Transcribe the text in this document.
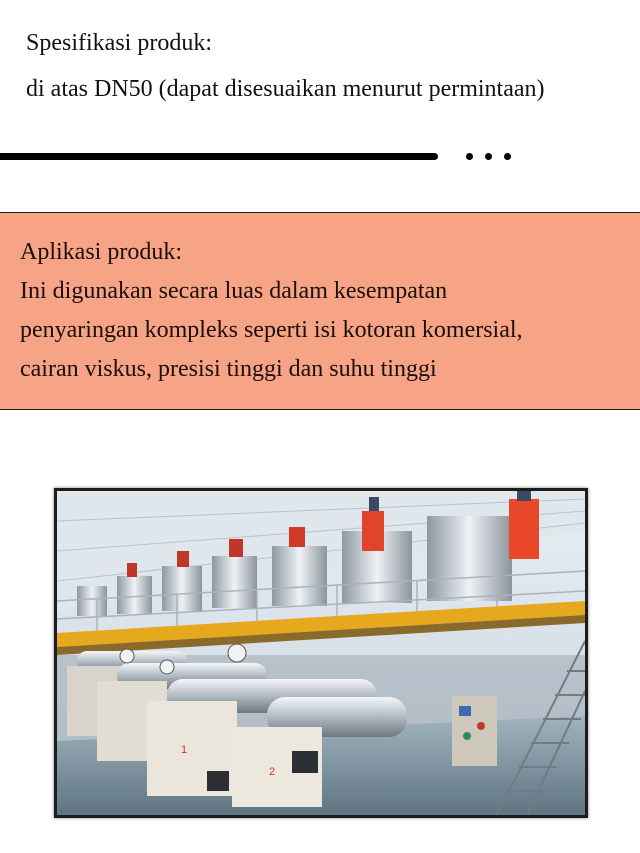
Spesifikasi produk:

di atas DN50 (dapat disesuaikan menurut permintaan)

Aplikasi produk:

Ini digunakan secara luas dalam kesempatan
penyaringan kompleks seperti isi kotoran komersial,
cairan viskus, presisi tinggi dan suhu tinggi
1
2
